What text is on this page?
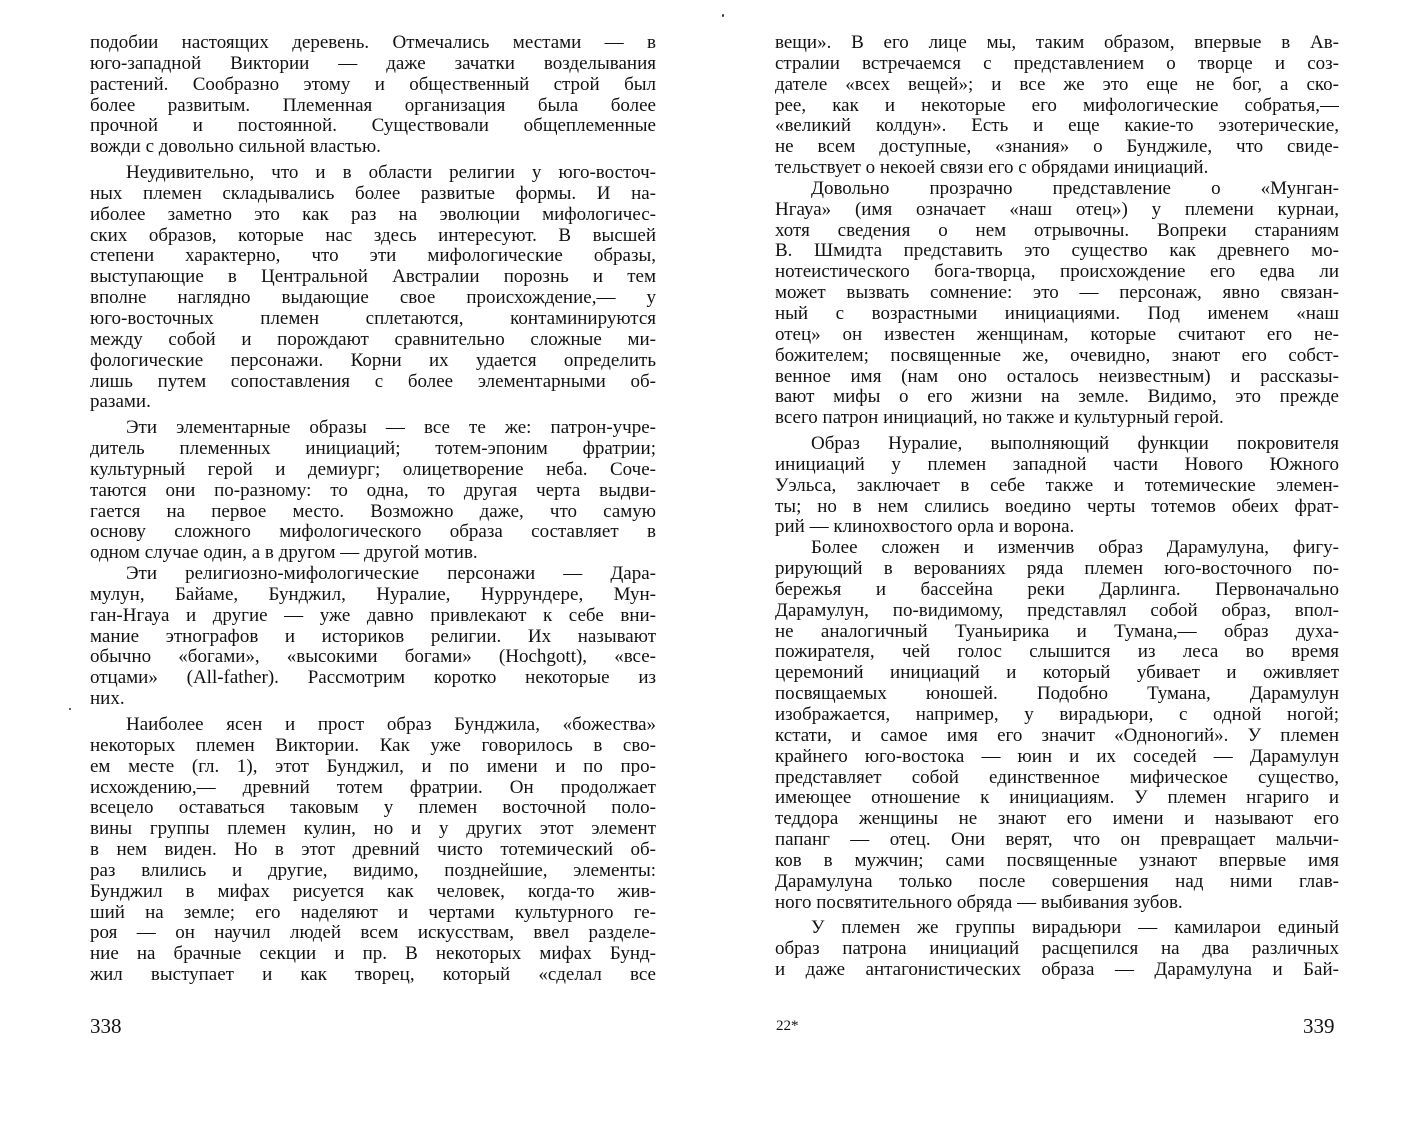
подобии настоящих деревень. Отмечались местами — в
юго-западной Виктории — даже зачатки возделывания
растений. Сообразно этому и общественный строй был
более развитым. Племенная организация была более
прочной и постоянной. Существовали общеплеменные
вожди с довольно сильной властью.
Неудивительно, что и в области религии у юго-восточ-
ных племен складывались более развитые формы. И на-
иболее заметно это как раз на эволюции мифологичес-
ских образов, которые нас здесь интересуют. В высшей
степени характерно, что эти мифологические образы,
выступающие в Центральной Австралии порознь и тем
вполне наглядно выдающие свое происхождение,— у
юго-восточных племен сплетаются, контаминируются
между собой и порождают сравнительно сложные ми-
фологические персонажи. Корни их удается определить
лишь путем сопоставления с более элементарными об-
разами.
Эти элементарные образы — все те же: патрон-учре-
дитель племенных инициаций; тотем-эпоним фратрии;
культурный герой и демиург; олицетворение неба. Соче-
таются они по-разному: то одна, то другая черта выдви-
гается на первое место. Возможно даже, что самую
основу сложного мифологического образа составляет в
одном случае один, а в другом — другой мотив.
Эти религиозно-мифологические персонажи — Дара-
мулун, Байаме, Бунджил, Нуралие, Нуррундере, Мун-
ган-Нгауа и другие — уже давно привлекают к себе вни-
мание этнографов и историков религии. Их называют
обычно «богами», «высокими богами» (Hochgott), «все-
отцами» (All-father). Рассмотрим коротко некоторые из
них.
Наиболее ясен и прост образ Бунджила, «божества»
некоторых племен Виктории. Как уже говорилось в сво-
ем месте (гл. 1), этот Бунджил, и по имени и по про-
исхождению,— древний тотем фратрии. Он продолжает
всецело оставаться таковым у племен восточной поло-
вины группы племен кулин, но и у других этот элемент
в нем виден. Но в этот древний чисто тотемический об-
раз влились и другие, видимо, позднейшие, элементы:
Бунджил в мифах рисуется как человек, когда-то жив-
ший на земле; его наделяют и чертами культурного ге-
роя — он научил людей всем искусствам, ввел разделе-
ние на брачные секции и пр. В некоторых мифах Бунд-
жил выступает и как творец, который «сделал все
вещи». В его лице мы, таким образом, впервые в Ав-
стралии встречаемся с представлением о творце и соз-
дателе «всех вещей»; и все же это еще не бог, а ско-
рее, как и некоторые его мифологические собратья,—
«великий колдун». Есть и еще какие-то эзотерические,
не всем доступные, «знания» о Бунджиле, что свиде-
тельствует о некоей связи его с обрядами инициаций.
Довольно прозрачно представление о «Мунган-
Нгауа» (имя означает «наш отец») у племени курнаи,
хотя сведения о нем отрывочны. Вопреки стараниям
В. Шмидта представить это существо как древнего мо-
нотеистического бога-творца, происхождение его едва ли
может вызвать сомнение: это — персонаж, явно связан-
ный с возрастными инициациями. Под именем «наш
отец» он известен женщинам, которые считают его не-
божителем; посвященные же, очевидно, знают его собст-
венное имя (нам оно осталось неизвестным) и рассказы-
вают мифы о его жизни на земле. Видимо, это прежде
всего патрон инициаций, но также и культурный герой.
Образ Нуралие, выполняющий функции покровителя
инициаций у племен западной части Нового Южного
Уэльса, заключает в себе также и тотемические элемен-
ты; но в нем слились воедино черты тотемов обеих фрат-
рий — клинохвостого орла и ворона.
Более сложен и изменчив образ Дарамулуна, фигу-
рирующий в верованиях ряда племен юго-восточного по-
бережья и бассейна реки Дарлинга. Первоначально
Дарамулун, по-видимому, представлял собой образ, впол-
не аналогичный Туаньирика и Тумана,— образ духа-
пожирателя, чей голос слышится из леса во время
церемоний инициаций и который убивает и оживляет
посвящаемых юношей. Подобно Тумана, Дарамулун
изображается, например, у вирадьюри, с одной ногой;
кстати, и самое имя его значит «Одноногий». У племен
крайнего юго-востока — юин и их соседей — Дарамулун
представляет собой единственное мифическое существо,
имеющее отношение к инициациям. У племен нгариго и
теддора женщины не знают его имени и называют его
папанг — отец. Они верят, что он превращает мальчи-
ков в мужчин; сами посвященные узнают впервые имя
Дарамулуна только после совершения над ними глав-
ного посвятительного обряда — выбивания зубов.
У племен же группы вирадьюри — камиларои единый
образ патрона инициаций расщепился на два различных
и даже антагонистических образа — Дарамулуна и Бай-
338	22*	339
